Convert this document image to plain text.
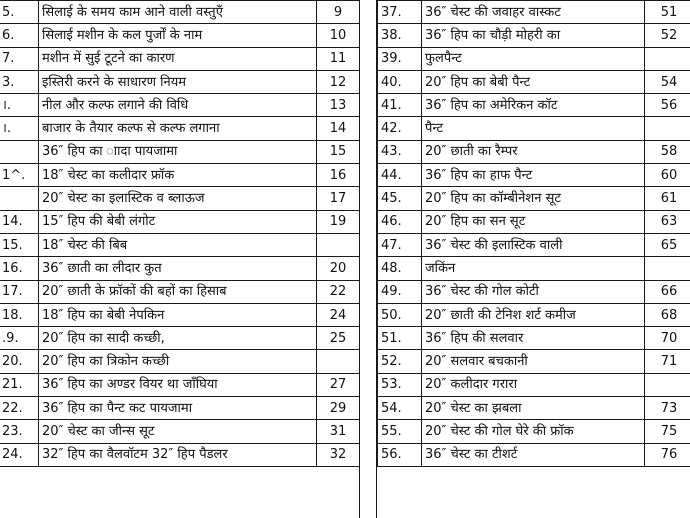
5.	सिलाई के समय काम आने वाली वस्तुएँ	9
6.	सिलाई मशीन के कल पुर्जों के नाम	10
7.	मशीन में सुई टूटने का कारण	11
3.	इस्तिरी करने के साधारण नियम	12
।.	नील और कल्फ लगाने की विधि	13
।.	बाजार के तैयार कल्फ से कल्फ लगाना	14
	36″ हिप का ाादा पायजामा	15
1^.	18″ चेस्ट का कलीदार फ्रॉक	16
	20″ चेस्ट का इलास्टिक व ब्लाऊज	17
14.	15″ हिप की बेबी लंगोट	19
15.	18″ चेस्ट की बिब	
16.	36″ छाती का लीदार कुत	20
17.	20″ छाती के फ्रॉकों की बहों का हिसाब	22
18.	18″ हिप का बेबी नेपकिन	24
.9.	20″ हिप का सादी कच्छी,	25
20.	20″ हिप का त्रिकोन कच्छी	
21.	36″ हिप का अण्डर वियर था जाँघिया	27
22.	36″ हिप का पैन्ट कट पायजामा	29
23.	20″ चेस्ट का जीन्स सूट	31
24.	32″ हिप का वैलवॉटम 32″ हिप पैडलर	32
37.	36″ चेस्ट की जवाहर वास्कट	51
38.	36″ हिप का चौड़ी मोहरी का	52
39.	फुलपैन्ट	
40.	20″ हिप का बेबी पैन्ट	54
41.	36″ हिप का अमेरिकन कॉट	56
42.	पैन्ट	
43.	20″ छाती का रैम्पर	58
44.	36″ हिप का हाफ पैन्ट	60
45.	20″ हिप का कॉम्बीनेशन सूट	61
46.	20″ हिप का सन सूट	63
47.	36″ चेस्ट की इलास्टिक वाली	65
48.	जकिंन	
49.	36″ चेस्ट की गोल कोटी	66
50.	20″ छाती की टेनिश शर्ट कमीज	68
51.	36″ हिप की सलवार	70
52.	20″ सलवार बचकानी	71
53.	20″ कलीदार गरारा	
54.	20″ चेस्ट का झबला	73
55.	20″ चेस्ट की गोल घेरे की फ्रॉक	75
56.	36″ चेस्ट का टीशर्ट	76
